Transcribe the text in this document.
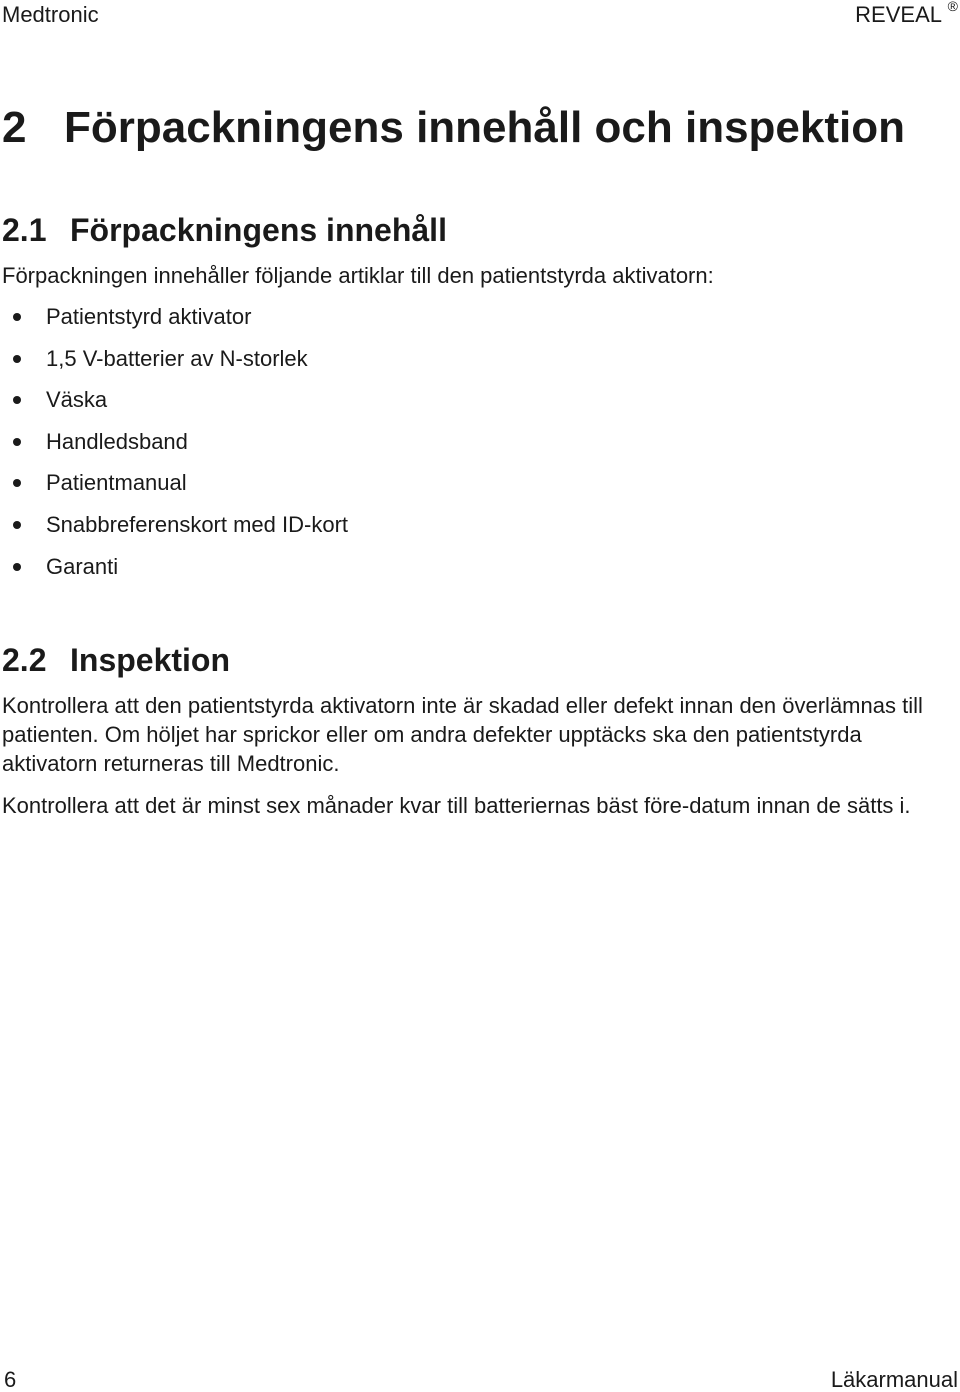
Medtronic	REVEAL ®
2 Förpackningens innehåll och inspektion
2.1 Förpackningens innehåll

Förpackningen innehåller följande artiklar till den patientstyrda aktivatorn:

Patientstyrd aktivator
1,5 V-batterier av N-storlek
Väska
Handledsband
Patientmanual
Snabbreferenskort med ID-kort
Garanti
2.2 Inspektion

Kontrollera att den patientstyrda aktivatorn inte är skadad eller defekt innan den överlämnas till patienten. Om höljet har sprickor eller om andra defekter upptäcks ska den patientstyrda aktivatorn returneras till Medtronic.

Kontrollera att det är minst sex månader kvar till batteriernas bäst före-datum innan de sätts i.

6	Läkarmanual
